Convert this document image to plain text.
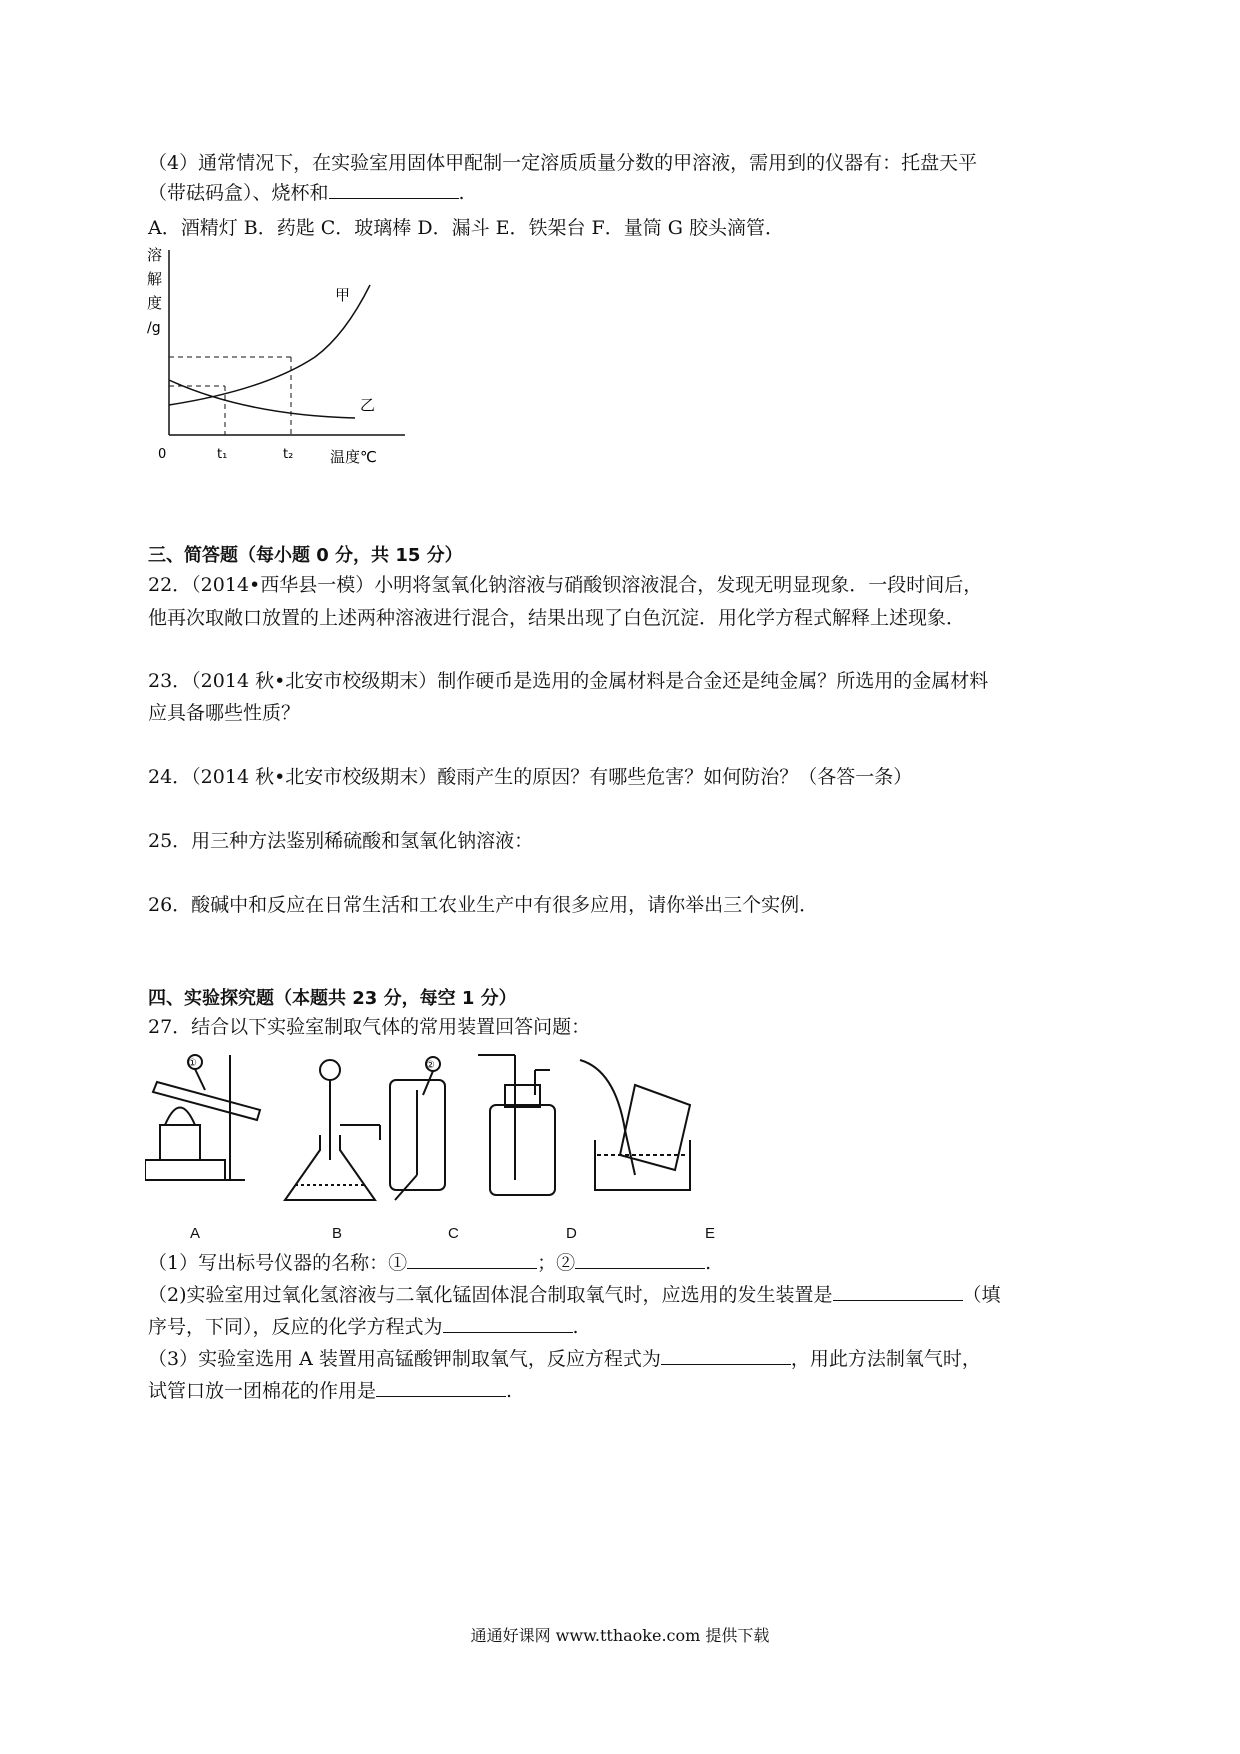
（4）通常情况下，在实验室用固体甲配制一定溶质质量分数的甲溶液，需用到的仪器有：托盘天平
（带砝码盒）、烧杯和	.
A．酒精灯 B．药匙 C．玻璃棒 D．漏斗 E．铁架台 F．量筒 G 胶头滴管．
溶
解
度
/g
甲
乙
0	t₁	t₂ 温度℃
三、简答题（每小题 0 分，共 15 分）
22．（2014•西华县一模）小明将氢氧化钠溶液与硝酸钡溶液混合，发现无明显现象．一段时间后，
他再次取敞口放置的上述两种溶液进行混合，结果出现了白色沉淀．用化学方程式解释上述现象．
23．（2014 秋•北安市校级期末）制作硬币是选用的金属材料是合金还是纯金属？所选用的金属材料
应具备哪些性质？
24．（2014 秋•北安市校级期末）酸雨产生的原因？有哪些危害？如何防治？（各答一条）
25．用三种方法鉴别稀硫酸和氢氧化钠溶液：
26．酸碱中和反应在日常生活和工农业生产中有很多应用，请你举出三个实例．
四、实验探究题（本题共 23 分，每空 1 分）
27．结合以下实验室制取气体的常用装置回答问题：
①	②
A	B	C	D	E
（1）写出标号仪器的名称：①	；②	.
（2)实验室用过氧化氢溶液与二氧化锰固体混合制取氧气时，应选用的发生装置是	（填
序号，下同），反应的化学方程式为	.
（3）实验室选用 A 装置用高锰酸钾制取氧气，反应方程式为	，用此方法制氧气时，
试管口放一团棉花的作用是	.
通通好课网 www.tthaoke.com 提供下载
